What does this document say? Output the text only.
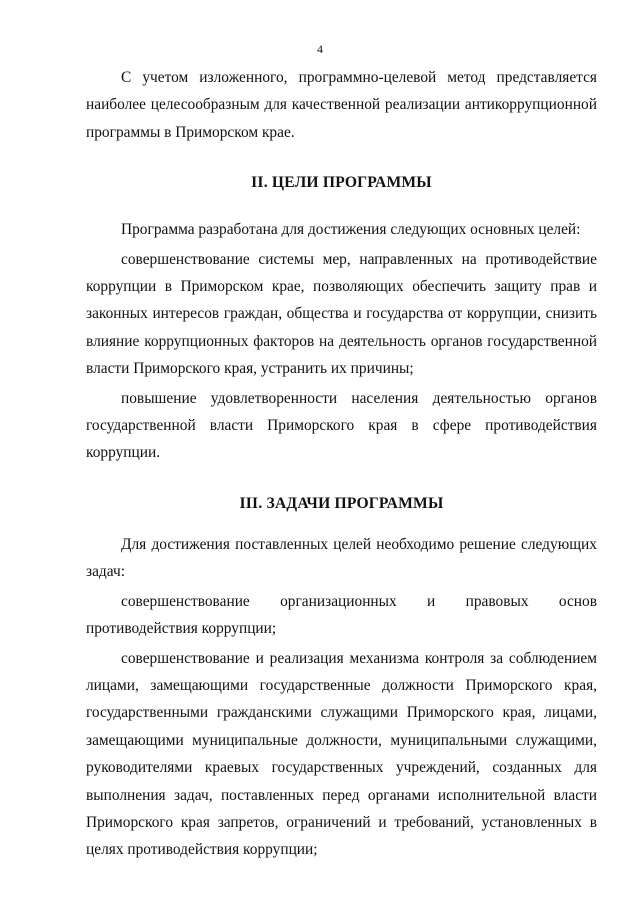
4

С учетом изложенного, программно-целевой метод представляется наиболее целесообразным для качественной реализации антикоррупционной программы в Приморском крае.

II. ЦЕЛИ ПРОГРАММЫ

Программа разработана для достижения следующих основных целей:

совершенствование системы мер, направленных на противодействие коррупции в Приморском крае, позволяющих обеспечить защиту прав и законных интересов граждан, общества и государства от коррупции, снизить влияние коррупционных факторов на деятельность органов государственной власти Приморского края, устранить их причины;

повышение удовлетворенности населения деятельностью органов государственной власти Приморского края в сфере противодействия коррупции.

III. ЗАДАЧИ ПРОГРАММЫ

Для достижения поставленных целей необходимо решение следующих задач:

совершенствование организационных и правовых основ противодействия коррупции;

совершенствование и реализация механизма контроля за соблюдением лицами, замещающими государственные должности Приморского края, государственными гражданскими служащими Приморского края, лицами, замещающими муниципальные должности, муниципальными служащими, руководителями краевых государственных учреждений, созданных для выполнения задач, поставленных перед органами исполнительной власти Приморского края запретов, ограничений и требований, установленных в целях противодействия коррупции;
